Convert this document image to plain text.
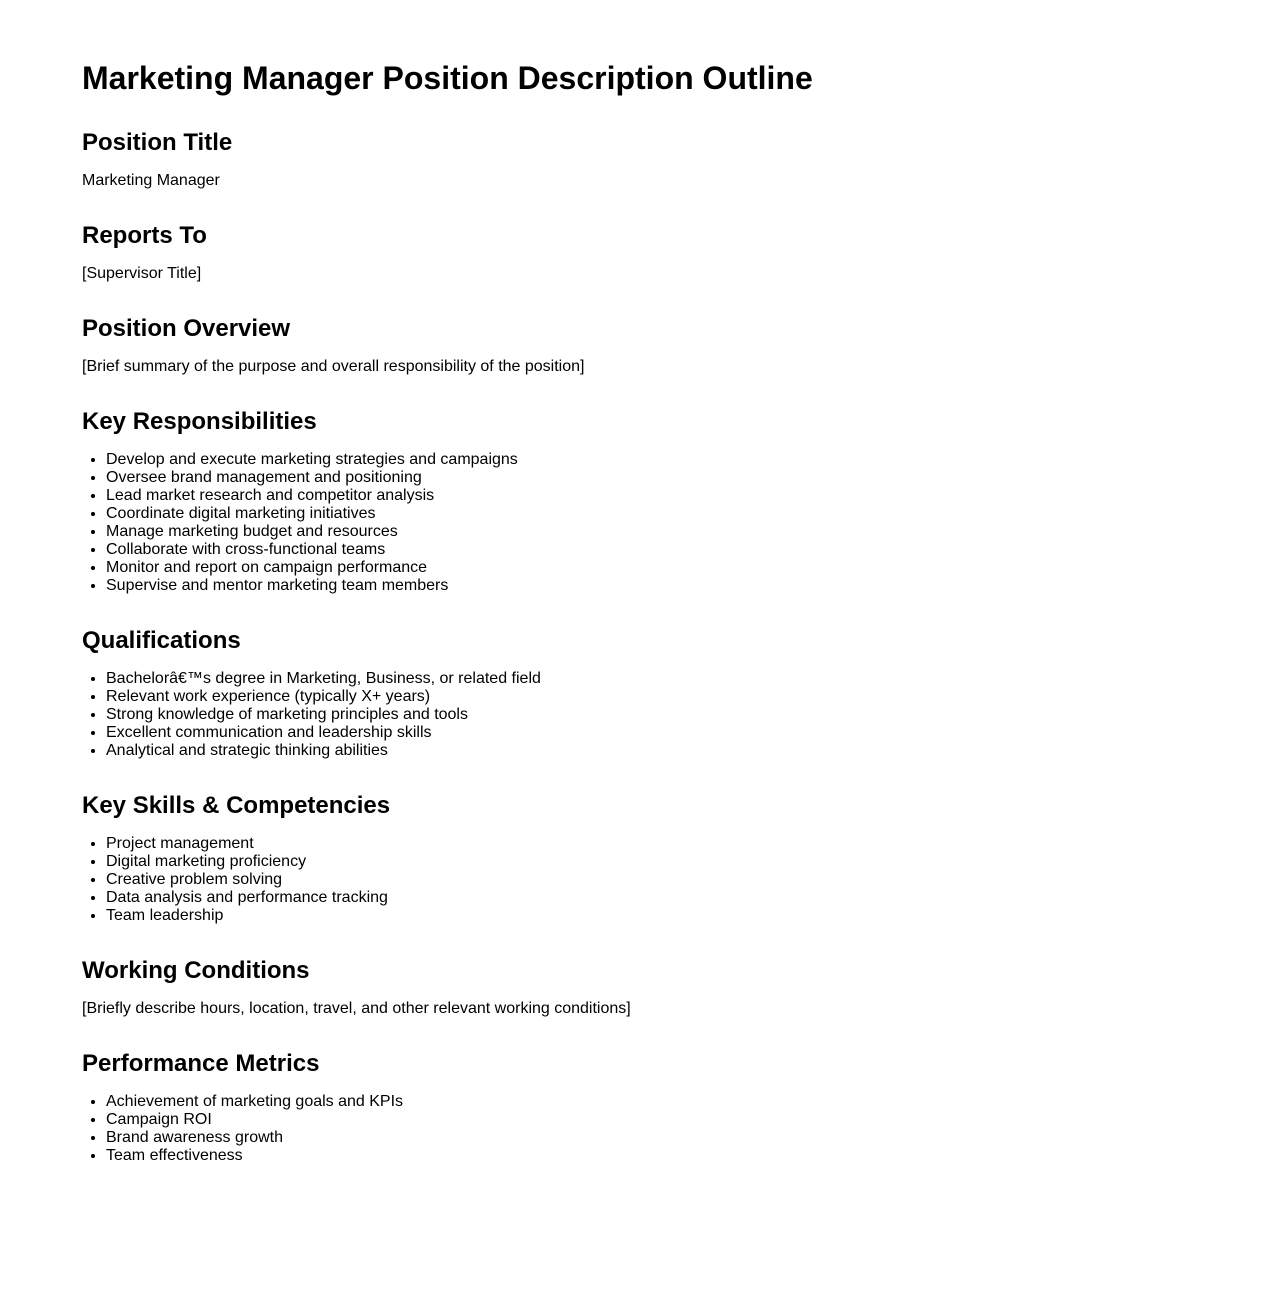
Marketing Manager Position Description Outline
Position Title

Marketing Manager

Reports To

[Supervisor Title]

Position Overview

[Brief summary of the purpose and overall responsibility of the position]

Key Responsibilities
• Develop and execute marketing strategies and campaigns
• Oversee brand management and positioning
• Lead market research and competitor analysis
• Coordinate digital marketing initiatives
• Manage marketing budget and resources
• Collaborate with cross-functional teams
• Monitor and report on campaign performance
• Supervise and mentor marketing team members
Qualifications
• Bachelorâ€™s degree in Marketing, Business, or related field
• Relevant work experience (typically X+ years)
• Strong knowledge of marketing principles and tools
• Excellent communication and leadership skills
• Analytical and strategic thinking abilities
Key Skills & Competencies
• Project management
• Digital marketing proficiency
• Creative problem solving
• Data analysis and performance tracking
• Team leadership
Working Conditions

[Briefly describe hours, location, travel, and other relevant working conditions]

Performance Metrics
• Achievement of marketing goals and KPIs
• Campaign ROI
• Brand awareness growth
• Team effectiveness
